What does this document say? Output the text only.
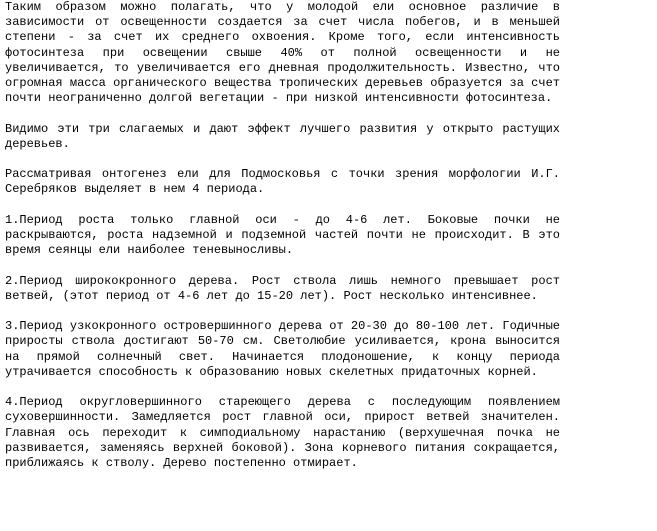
Таким образом можно полагать, что у молодой ели основное различие в зависимости от освещенности создается за счет числа побегов, и в меньшей степени - за счет их среднего охвоения. Кроме того, если интенсивность фотосинтеза при освещении свыше 40% от полной освещенности и не увеличивается, то увеличивается его дневная продолжительность. Известно, что огромная масса органического вещества тропических деревьев образуется за счет почти неограниченно долгой вегетации - при низкой интенсивности фотосинтеза.

Видимо эти три слагаемых и дают эффект лучшего развития у открыто растущих деревьев.

Рассматривая онтогенез ели для Подмосковья с точки зрения морфологии И.Г. Серебряков выделяет в нем 4 периода.

1.Период роста только главной оси - до 4-6 лет. Боковые почки не раскрываются, роста надземной и подземной частей почти не происходит. В это время сеянцы ели наиболее теневыносливы.

2.Период ширококронного дерева. Рост ствола лишь немного превышает рост ветвей, (этот период от 4-6 лет до 15-20 лет). Рост несколько интенсивнее.

3.Период узкокронного островершинного дерева от 20-30 до 80-100 лет. Годичные приросты ствола достигают 50-70 см. Светолюбие усиливается, крона выносится на прямой солнечный свет. Начинается плодоношение, к концу периода утрачивается способность к образованию новых скелетных придаточных корней.

4.Период округловершинного стареющего дерева с последующим появлением суховершинности. Замедляется рост главной оси, прирост ветвей значителен. Главная ось переходит к симподиальному нарастанию (верхушечная почка не развивается, заменяясь верхней боковой). Зона корневого питания сокращается, приближаясь к стволу. Дерево постепенно отмирает.
